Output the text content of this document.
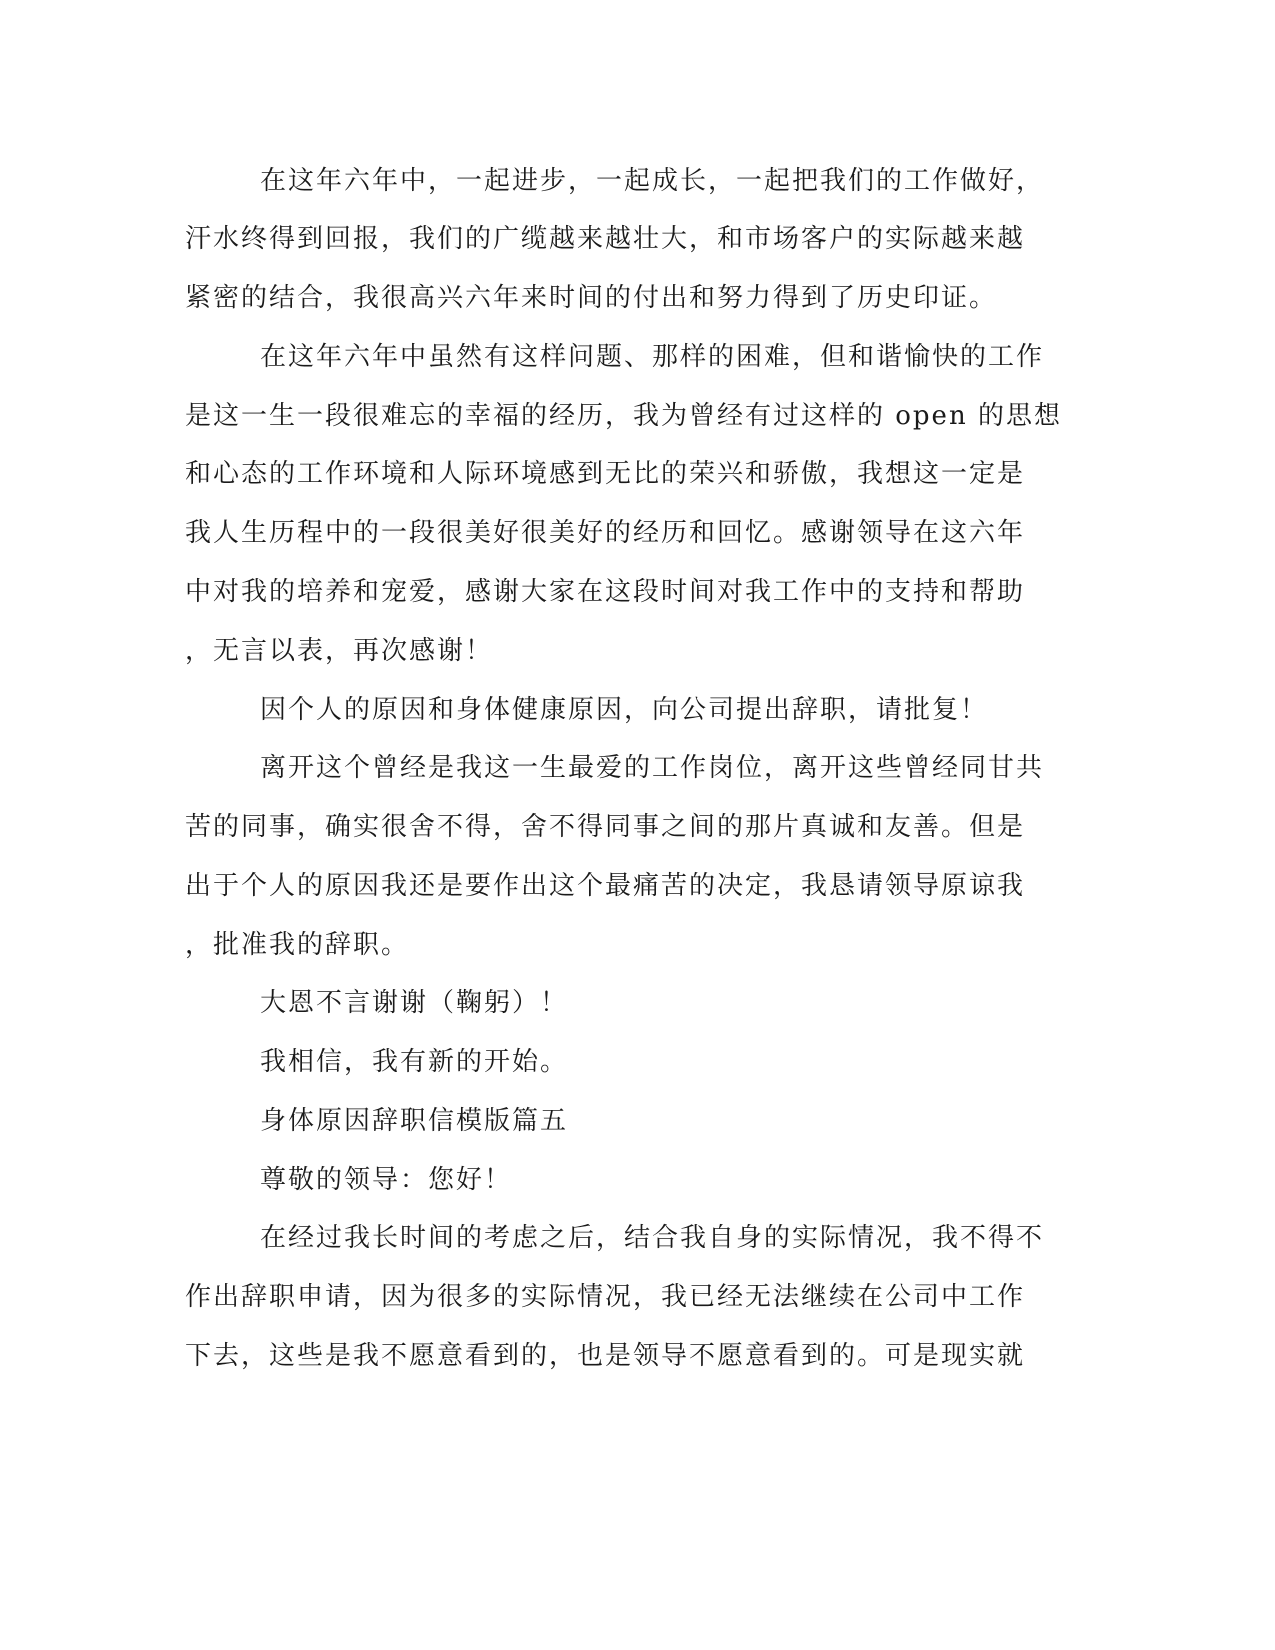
在这年六年中，一起进步，一起成长，一起把我们的工作做好，
汗水终得到回报，我们的广缆越来越壮大，和市场客户的实际越来越
紧密的结合，我很高兴六年来时间的付出和努力得到了历史印证。
在这年六年中虽然有这样问题、那样的困难，但和谐愉快的工作
是这一生一段很难忘的幸福的经历，我为曾经有过这样的 open 的思想
和心态的工作环境和人际环境感到无比的荣兴和骄傲，我想这一定是
我人生历程中的一段很美好很美好的经历和回忆。感谢领导在这六年
中对我的培养和宠爱，感谢大家在这段时间对我工作中的支持和帮助
，无言以表，再次感谢！
因个人的原因和身体健康原因，向公司提出辞职，请批复！
离开这个曾经是我这一生最爱的工作岗位，离开这些曾经同甘共
苦的同事，确实很舍不得，舍不得同事之间的那片真诚和友善。但是
出于个人的原因我还是要作出这个最痛苦的决定，我恳请领导原谅我
，批准我的辞职。
大恩不言谢谢（鞠躬）！
我相信，我有新的开始。
身体原因辞职信模版篇五
尊敬的领导：您好！
在经过我长时间的考虑之后，结合我自身的实际情况，我不得不
作出辞职申请，因为很多的实际情况，我已经无法继续在公司中工作
下去，这些是我不愿意看到的，也是领导不愿意看到的。可是现实就
